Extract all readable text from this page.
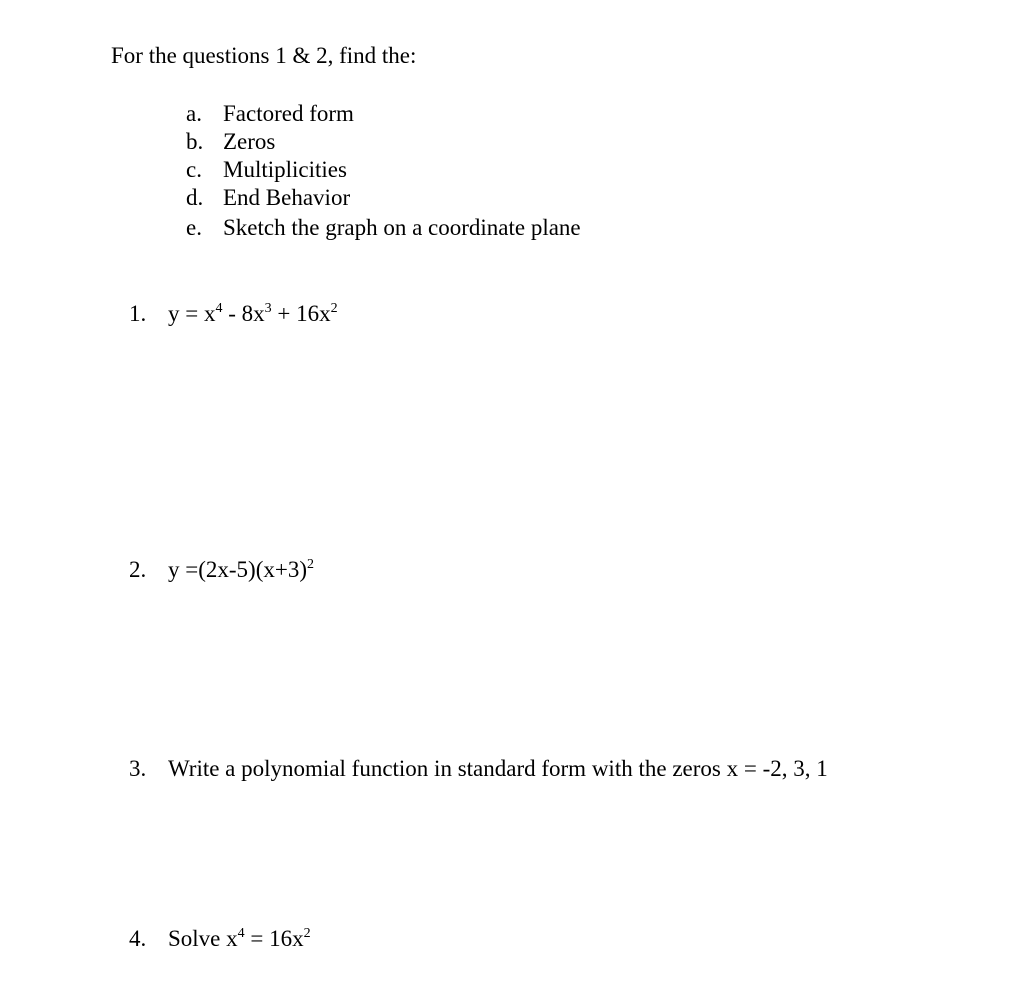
For the questions 1 & 2, find the:
a. Factored form
b. Zeros
c. Multiplicities
d. End Behavior
e. Sketch the graph on a coordinate plane
1. $y = x^4 - 8x^3 + 16x^2$
2. $y =(2x-5)(x+3)^2$
3. Write a polynomial function in standard form with the zeros x = -2, 3, 1
4. Solve $x^4 = 16x^2$
